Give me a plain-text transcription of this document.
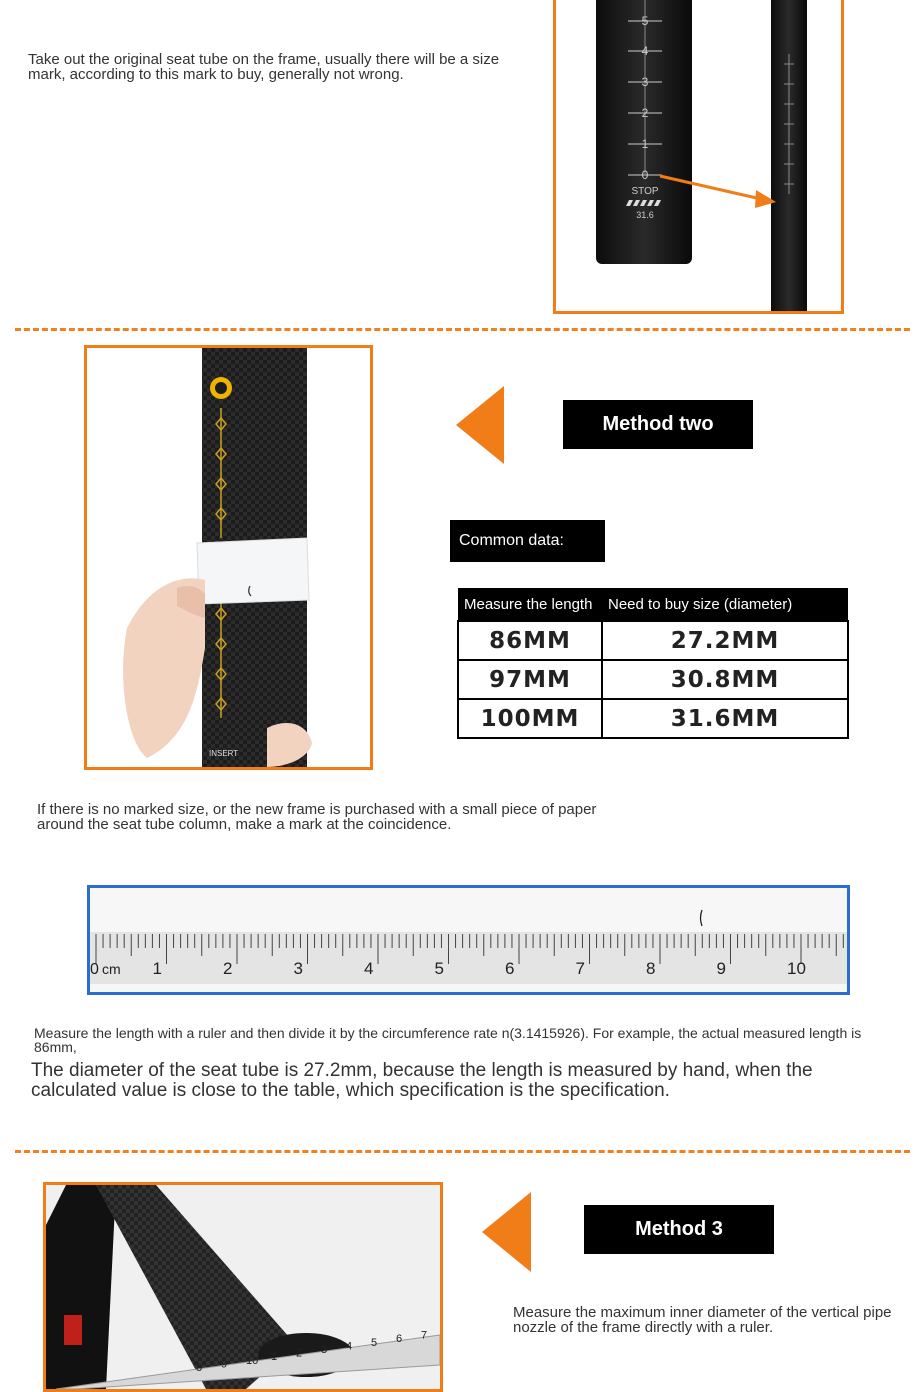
Take out the original seat tube on the frame, usually there will be a size mark, according to this mark to buy, generally not wrong.
5
4
3
2
1
0
STOP
31.6
INSERT
Method two
Common data:
Measure the length	Need to buy size (diameter)
86MM	27.2MM
97MM	30.8MM
100MM	31.6MM
If there is no marked size, or the new frame is purchased with a small piece of paper around the seat tube column, make a mark at the coincidence.
0 cm 1	2	3	4	5	6	7	8	9	10
Measure the length with a ruler and then divide it by the circumference rate n(3.1415926). For example, the actual measured length is 86mm,
The diameter of the seat tube is 27.2mm, because the length is measured by hand, when the calculated value is close to the table, which specification is the specification.
8 9 10 1 2 3 4 5 6 7
Method 3
Measure the maximum inner diameter of the vertical pipe nozzle of the frame directly with a ruler.
